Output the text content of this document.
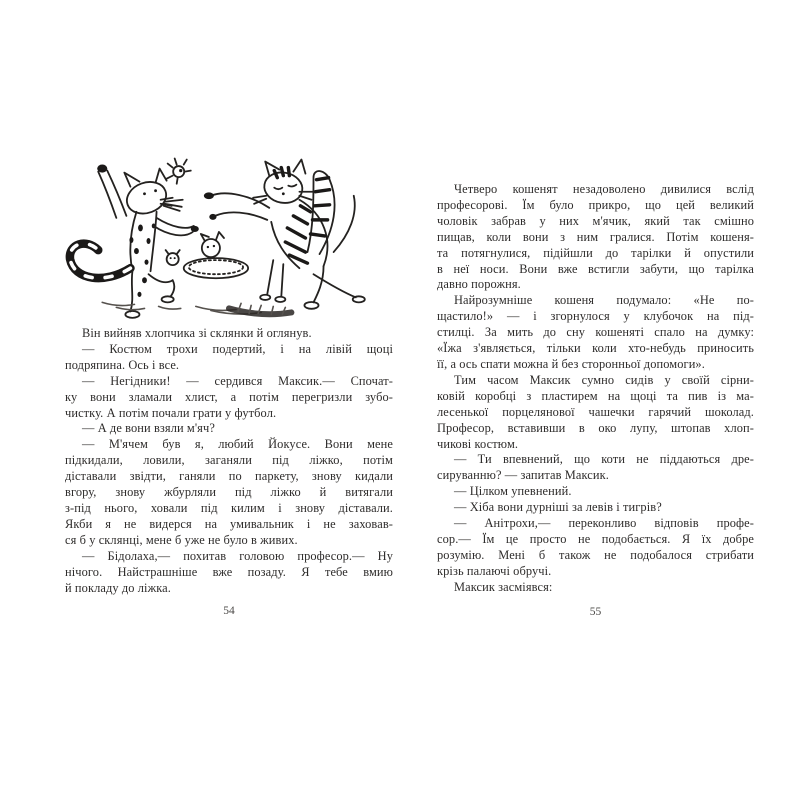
Він вийняв хлопчика зі склянки й оглянув.
— Костюм трохи подертий, і на лівій щоці
подряпина. Ось і все.
— Негідники! — сердився Максик.— Спочат-
ку вони зламали хлист, а потім перегризли зубо-
чистку. А потім почали грати у футбол.
— А де вони взяли м'яч?
— М'ячем був я, любий Йокусе. Вони мене
підкидали, ловили, заганяли під ліжко, потім
діставали звідти, ганяли по паркету, знову кидали
вгору, знову жбурляли під ліжко й витягали
з-під нього, ховали під килим і знову діставали.
Якби я не видерся на умивальник і не заховав-
ся б у склянці, мене б уже не було в живих.
— Бідолаха,— похитав головою професор.— Ну
нічого. Найстрашніше вже позаду. Я тебе вмию
й покладу до ліжка.
54
Четверо кошенят незадоволено дивилися вслід
професорові. Їм було прикро, що цей великий
чоловік забрав у них м'ячик, який так смішно
пищав, коли вони з ним гралися. Потім кошеня-
та потягнулися, підійшли до тарілки й опустили
в неї носи. Вони вже встигли забути, що тарілка
давно порожня.
Найрозумніше кошеня подумало: «Не по-
щастило!» — і згорнулося у клубочок на під-
стилці. За мить до сну кошеняті спало на думку:
«Їжа з'являється, тільки коли хто-небудь приносить
її, а ось спати можна й без сторонньої допомоги».
Тим часом Максик сумно сидів у своїй сірни-
ковій коробці з пластирем на щоці та пив із ма-
лесенької порцелянової чашечки гарячий шоколад.
Професор, вставивши в око лупу, штопав хлоп-
чикові костюм.
— Ти впевнений, що коти не піддаються дре-
сируванню? — запитав Максик.
— Цілком упевнений.
— Хіба вони дурніші за левів і тигрів?
— Анітрохи,— переконливо відповів профе-
сор.— Їм це просто не подобається. Я їх добре
розумію. Мені б також не подобалося стрибати
крізь палаючі обручі.
Максик засміявся:
55
